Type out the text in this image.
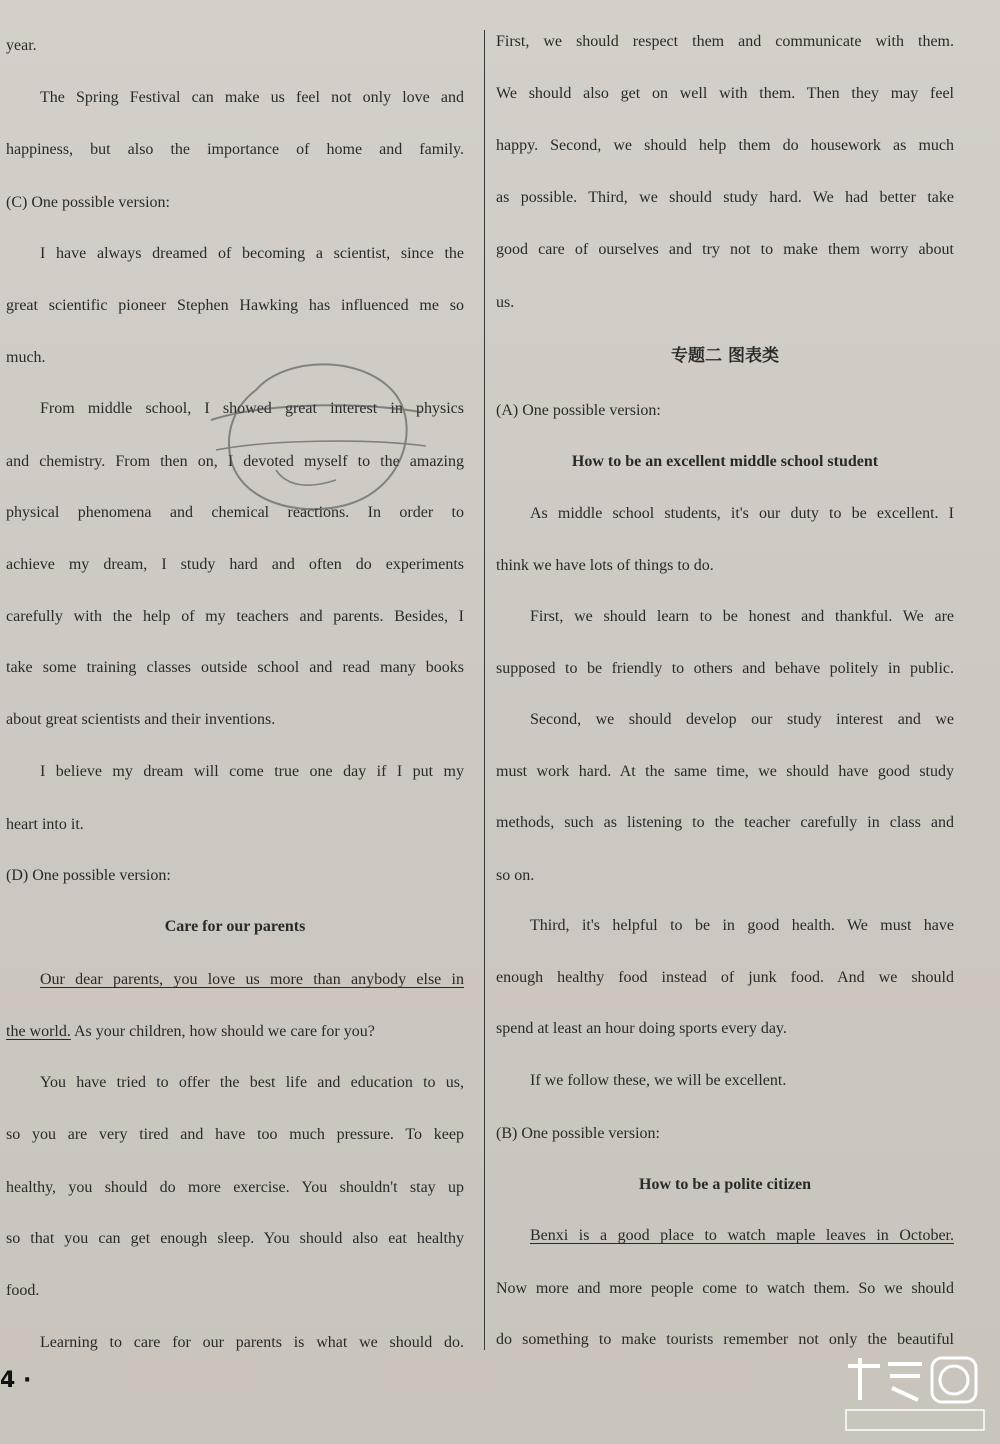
year.
The Spring Festival can make us feel not only love and
happiness, but also the importance of home and family.
(C) One possible version:
I have always dreamed of becoming a scientist, since the
great scientific pioneer Stephen Hawking has influenced me so
much.
From middle school, I showed great interest in physics
and chemistry. From then on, I devoted myself to the amazing
physical phenomena and chemical reactions. In order to
achieve my dream, I study hard and often do experiments
carefully with the help of my teachers and parents. Besides, I
take some training classes outside school and read many books
about great scientists and their inventions.
I believe my dream will come true one day if I put my
heart into it.
(D) One possible version:
Care for our parents
Our dear parents, you love us more than anybody else in
the world. As your children, how should we care for you?
You have tried to offer the best life and education to us,
so you are very tired and have too much pressure. To keep
healthy, you should do more exercise. You shouldn't stay up
so that you can get enough sleep. You should also eat healthy
food.
Learning to care for our parents is what we should do.
First, we should respect them and communicate with them.
We should also get on well with them. Then they may feel
happy. Second, we should help them do housework as much
as possible. Third, we should study hard. We had better take
good care of ourselves and try not to make them worry about
us.
专题二 图表类
(A) One possible version:
How to be an excellent middle school student
As middle school students, it's our duty to be excellent. I
think we have lots of things to do.
First, we should learn to be honest and thankful. We are
supposed to be friendly to others and behave politely in public.
Second, we should develop our study interest and we
must work hard. At the same time, we should have good study
methods, such as listening to the teacher carefully in class and
so on.
Third, it's helpful to be in good health. We must have
enough healthy food instead of junk food. And we should
spend at least an hour doing sports every day.
If we follow these, we will be excellent.
(B) One possible version:
How to be a polite citizen
Benxi is a good place to watch maple leaves in October.
Now more and more people come to watch them. So we should
do something to make tourists remember not only the beautiful
4 ·
